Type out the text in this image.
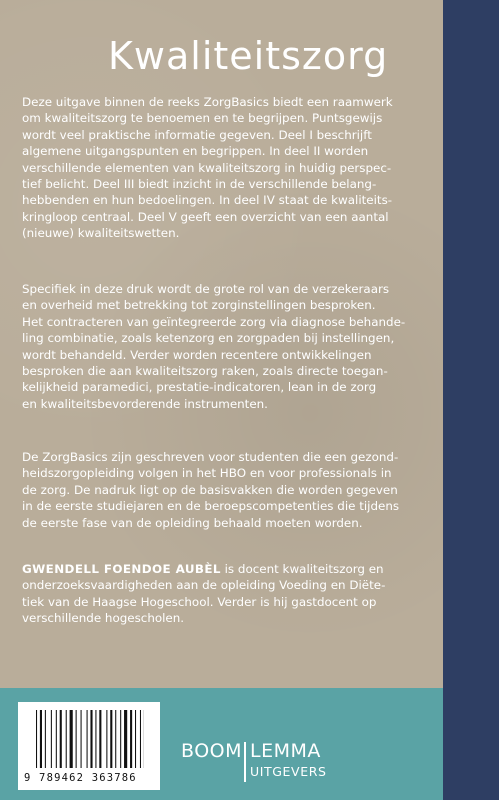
Kwaliteitszorg
Deze uitgave binnen de reeks ZorgBasics biedt een raamwerk
om kwaliteitszorg te benoemen en te begrijpen. Puntsgewijs
wordt veel praktische informatie gegeven. Deel I beschrijft
algemene uitgangspunten en begrippen. In deel II worden
verschillende elementen van kwaliteitszorg in huidig perspec-
tief belicht. Deel III biedt inzicht in de verschillende belang-
hebbenden en hun bedoelingen. In deel IV staat de kwaliteits-
kringloop centraal. Deel V geeft een overzicht van een aantal
(nieuwe) kwaliteitswetten.
Specifiek in deze druk wordt de grote rol van de verzekeraars
en overheid met betrekking tot zorginstellingen besproken.
Het contracteren van geïntegreerde zorg via diagnose behande-
ling combinatie, zoals ketenzorg en zorgpaden bij instellingen,
wordt behandeld. Verder worden recentere ontwikkelingen
besproken die aan kwaliteitszorg raken, zoals directe toegan-
kelijkheid paramedici, prestatie-indicatoren, lean in de zorg
en kwaliteitsbevorderende instrumenten.
De ZorgBasics zijn geschreven voor studenten die een gezond-
heidszorgopleiding volgen in het HBO en voor professionals in
de zorg. De nadruk ligt op de basisvakken die worden gegeven
in de eerste studiejaren en de beroepscompetenties die tijdens
de eerste fase van de opleiding behaald moeten worden.
GWENDELL FOENDOE AUBÈL is docent kwaliteitszorg en
onderzoeksvaardigheden aan de opleiding Voeding en Diëte-
tiek van de Haagse Hogeschool. Verder is hij gastdocent op
verschillende hogescholen.
9 789462 363786
BOOM LEMMA
UITGEVERS
